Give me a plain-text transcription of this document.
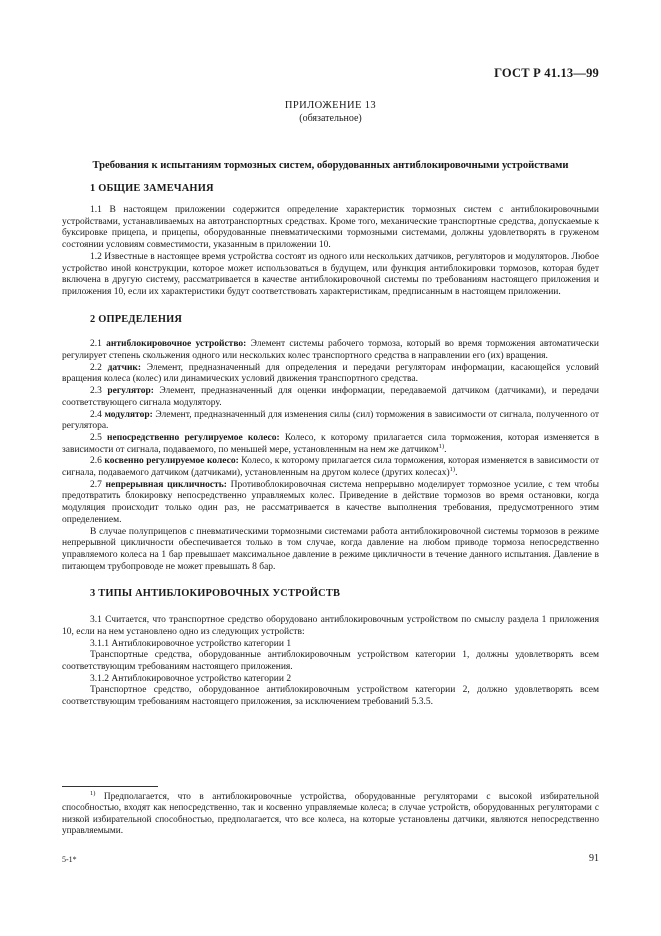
ГОСТ Р 41.13—99
ПРИЛОЖЕНИЕ 13
(обязательное)
Требования к испытаниям тормозных систем, оборудованных антиблокировочными устройствами
1 ОБЩИЕ ЗАМЕЧАНИЯ

1.1 В настоящем приложении содержится определение характеристик тормозных систем с антиблокировочными устройствами, устанавливаемых на автотранспортных средствах. Кроме того, механические транспортные средства, допускаемые к буксировке прицепа, и прицепы, оборудованные пневматическими тормозными системами, должны удовлетворять в груженом состоянии условиям совместимости, указанным в приложении 10.

1.2 Известные в настоящее время устройства состоят из одного или нескольких датчиков, регуляторов и модуляторов. Любое устройство иной конструкции, которое может использоваться в будущем, или функция антиблокировки тормозов, которая будет включена в другую систему, рассматривается в качестве антиблокировочной системы по требованиям настоящего приложения и приложения 10, если их характеристики будут соответствовать характеристикам, предписанным в настоящем приложении.

2 ОПРЕДЕЛЕНИЯ

2.1 антиблокировочное устройство: Элемент системы рабочего тормоза, который во время торможения автоматически регулирует степень скольжения одного или нескольких колес транспортного средства в направлении его (их) вращения.

2.2 датчик: Элемент, предназначенный для определения и передачи регуляторам информации, касающейся условий вращения колеса (колес) или динамических условий движения транспортного средства.

2.3 регулятор: Элемент, предназначенный для оценки информации, передаваемой датчиком (датчиками), и передачи соответствующего сигнала модулятору.

2.4 модулятор: Элемент, предназначенный для изменения силы (сил) торможения в зависимости от сигнала, полученного от регулятора.

2.5 непосредственно регулируемое колесо: Колесо, к которому прилагается сила торможения, которая изменяется в зависимости от сигнала, подаваемого, по меньшей мере, установленным на нем же датчиком$^{1)}$.

2.6 косвенно регулируемое колесо: Колесо, к которому прилагается сила торможения, которая изменяется в зависимости от сигнала, подаваемого датчиком (датчиками), установленным на другом колесе (других колесах)$^{1)}$.

2.7 непрерывная цикличность: Противоблокировочная система непрерывно моделирует тормозное усилие, с тем чтобы предотвратить блокировку непосредственно управляемых колес. Приведение в действие тормозов во время остановки, когда модуляция происходит только один раз, не рассматривается в качестве выполнения требования, предусмотренного этим определением.

В случае полуприцепов с пневматическими тормозными системами работа антиблокировочной системы тормозов в режиме непрерывной цикличности обеспечивается только в том случае, когда давление на любом приводе тормоза непосредственно управляемого колеса на 1 бар превышает максимальное давление в режиме цикличности в течение данного испытания. Давление в питающем трубопроводе не может превышать 8 бар.

3 ТИПЫ АНТИБЛОКИРОВОЧНЫХ УСТРОЙСТВ

3.1 Считается, что транспортное средство оборудовано антиблокировочным устройством по смыслу раздела 1 приложения 10, если на нем установлено одно из следующих устройств:

3.1.1 Антиблокировочное устройство категории 1

Транспортные средства, оборудованные антиблокировочным устройством категории 1, должны удовлетворять всем соответствующим требованиям настоящего приложения.

3.1.2 Антиблокировочное устройство категории 2

Транспортное средство, оборудованное антиблокировочным устройством категории 2, должно удовлетворять всем соответствующим требованиям настоящего приложения, за исключением требований 5.3.5.

$^{1)}$ Предполагается, что в антиблокировочные устройства, оборудованные регуляторами с высокой избирательной способностью, входят как непосредственно, так и косвенно управляемые колеса; в случае устройств, оборудованных регуляторами с низкой избирательной способностью, предполагается, что все колеса, на которые установлены датчики, являются непосредственно управляемыми.

5-1*	91
